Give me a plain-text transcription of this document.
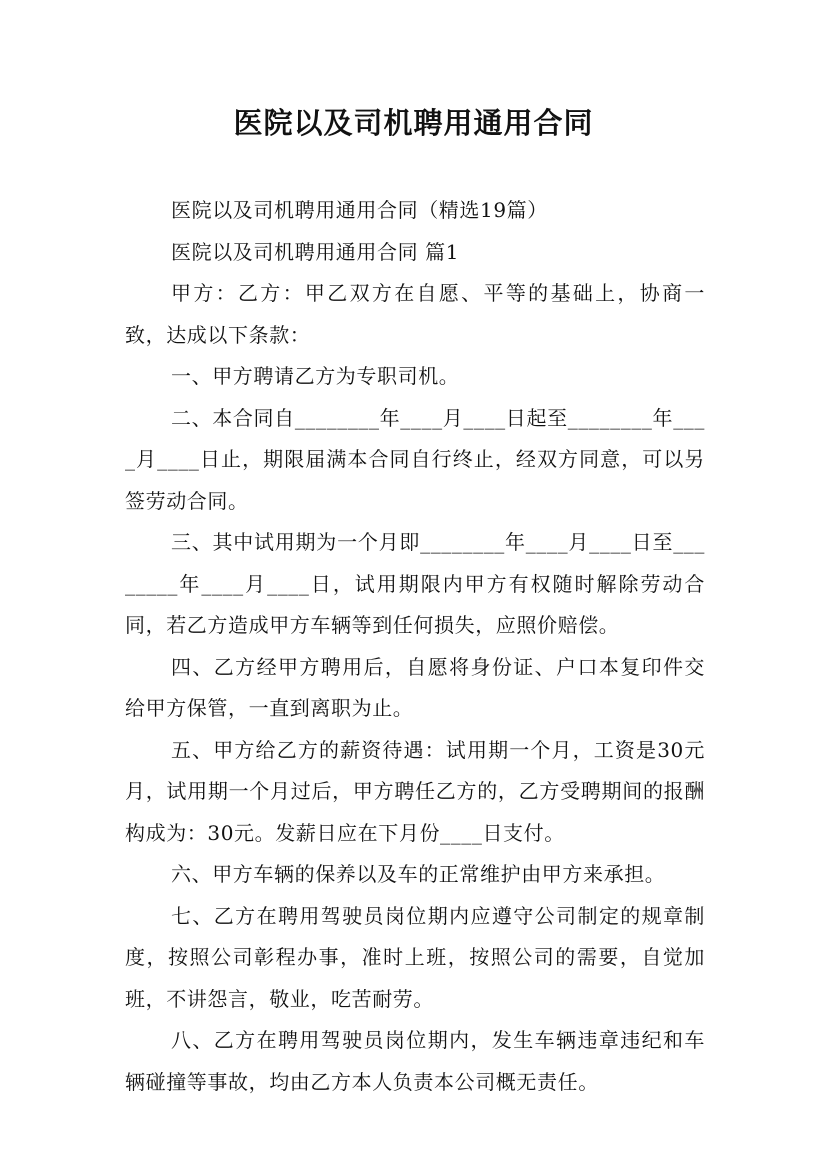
医院以及司机聘用通用合同

医院以及司机聘用通用合同（精选19篇）

医院以及司机聘用通用合同 篇1

甲方：乙方：甲乙双方在自愿、平等的基础上，协商一致，达成以下条款：

一、甲方聘请乙方为专职司机。

二、本合同自________年____月____日起至________年____月____日止，期限届满本合同自行终止，经双方同意，可以另签劳动合同。

三、其中试用期为一个月即________年____月____日至________年____月____日，试用期限内甲方有权随时解除劳动合同，若乙方造成甲方车辆等到任何损失，应照价赔偿。

四、乙方经甲方聘用后，自愿将身份证、户口本复印件交给甲方保管，一直到离职为止。

五、甲方给乙方的薪资待遇：试用期一个月，工资是30元月，试用期一个月过后，甲方聘任乙方的，乙方受聘期间的报酬构成为：30元。发薪日应在下月份____日支付。

六、甲方车辆的保养以及车的正常维护由甲方来承担。

七、乙方在聘用驾驶员岗位期内应遵守公司制定的规章制度，按照公司彰程办事，准时上班，按照公司的需要，自觉加班，不讲怨言，敬业，吃苦耐劳。

八、乙方在聘用驾驶员岗位期内，发生车辆违章违纪和车辆碰撞等事故，均由乙方本人负责本公司概无责任。
